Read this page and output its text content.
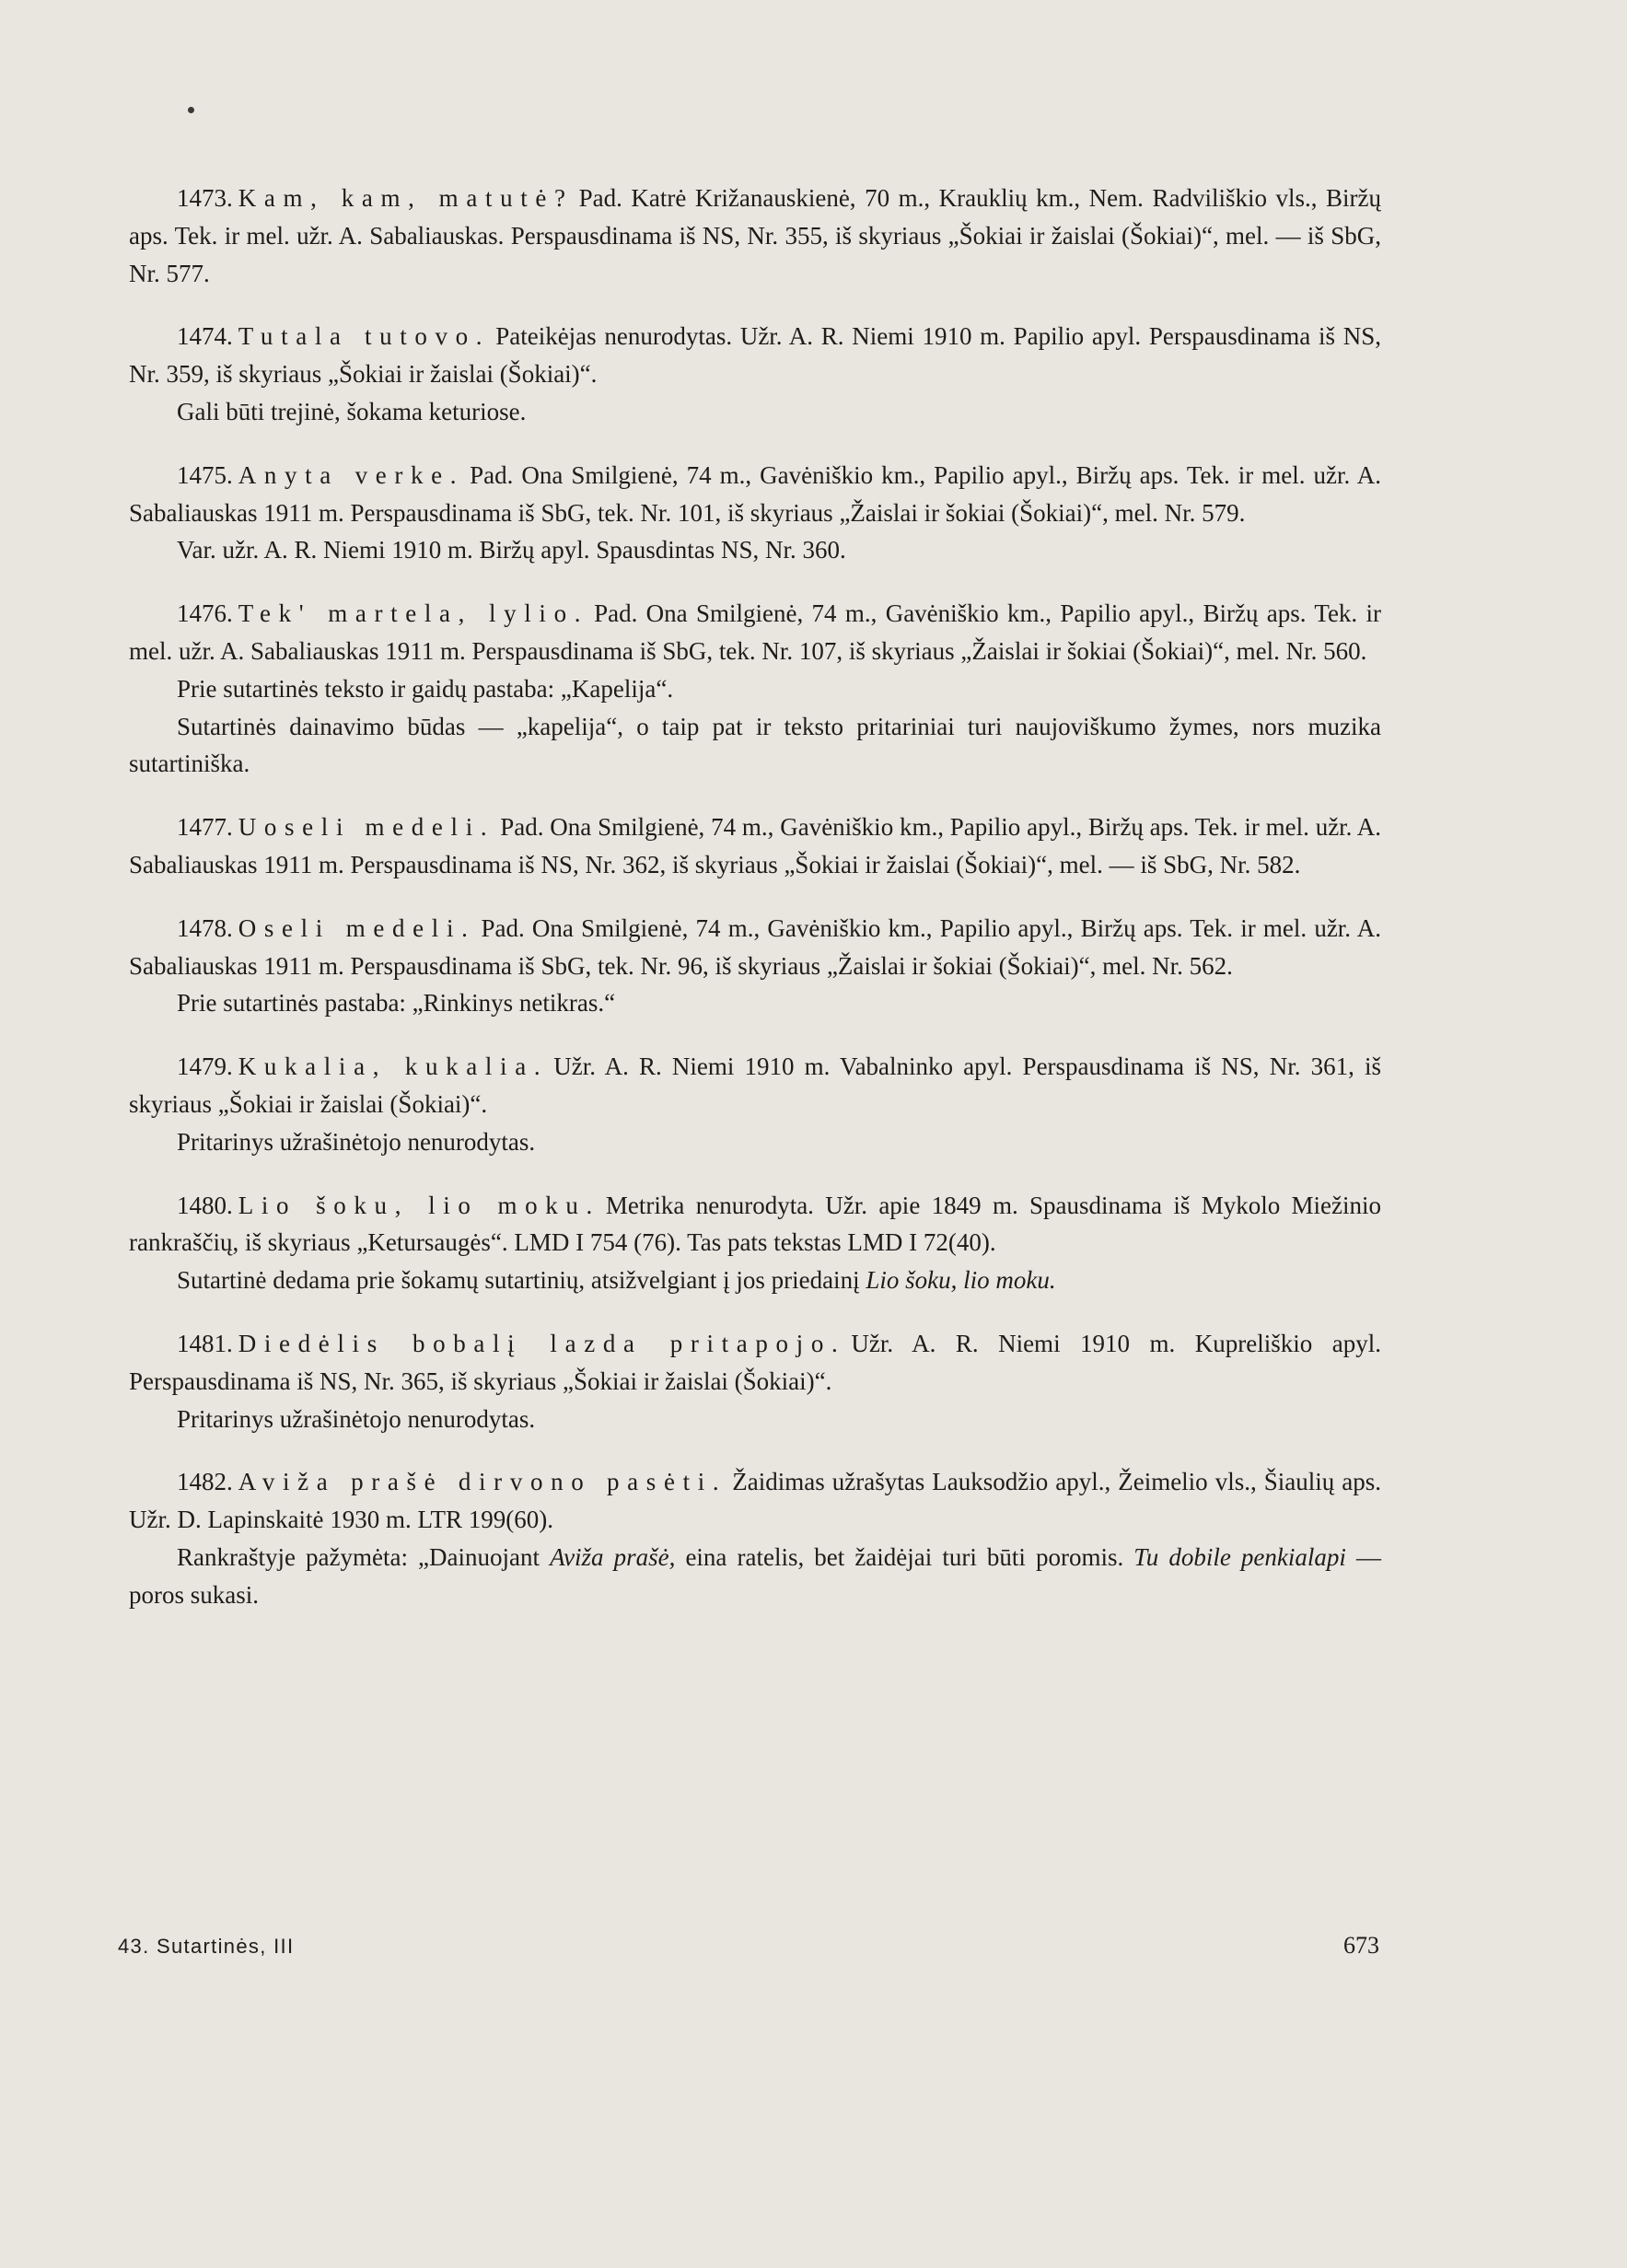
1473. Kam, kam, matutė? Pad. Katrė Križanauskienė, 70 m., Krauklių km., Nem. Radviliškio vls., Biržų aps. Tek. ir mel. užr. A. Sabaliauskas. Perspausdinama iš NS, Nr. 355, iš skyriaus „Šokiai ir žaislai (Šokiai)“, mel. — iš SbG, Nr. 577.

1474. Tutala tutovo. Pateikėjas nenurodytas. Užr. A. R. Niemi 1910 m. Papilio apyl. Perspausdinama iš NS, Nr. 359, iš skyriaus „Šokiai ir žaislai (Šokiai)“.

Gali būti trejinė, šokama keturiose.

1475. Anyta verke. Pad. Ona Smilgienė, 74 m., Gavėniškio km., Papilio apyl., Biržų aps. Tek. ir mel. užr. A. Sabaliauskas 1911 m. Perspausdinama iš SbG, tek. Nr. 101, iš skyriaus „Žaislai ir šokiai (Šokiai)“, mel. Nr. 579.

Var. užr. A. R. Niemi 1910 m. Biržų apyl. Spausdintas NS, Nr. 360.

1476. Tek' martela, lylio. Pad. Ona Smilgienė, 74 m., Gavėniškio km., Papilio apyl., Biržų aps. Tek. ir mel. užr. A. Sabaliauskas 1911 m. Perspausdinama iš SbG, tek. Nr. 107, iš skyriaus „Žaislai ir šokiai (Šokiai)“, mel. Nr. 560.

Prie sutartinės teksto ir gaidų pastaba: „Kapelija“.

Sutartinės dainavimo būdas — „kapelija“, o taip pat ir teksto pritariniai turi naujoviškumo žymes, nors muzika sutartiniška.

1477. Uoseli medeli. Pad. Ona Smilgienė, 74 m., Gavėniškio km., Papilio apyl., Biržų aps. Tek. ir mel. užr. A. Sabaliauskas 1911 m. Perspausdinama iš NS, Nr. 362, iš skyriaus „Šokiai ir žaislai (Šokiai)“, mel. — iš SbG, Nr. 582.

1478. Oseli medeli. Pad. Ona Smilgienė, 74 m., Gavėniškio km., Papilio apyl., Biržų aps. Tek. ir mel. užr. A. Sabaliauskas 1911 m. Perspausdinama iš SbG, tek. Nr. 96, iš skyriaus „Žaislai ir šokiai (Šokiai)“, mel. Nr. 562.

Prie sutartinės pastaba: „Rinkinys netikras.“

1479. Kukalia, kukalia. Užr. A. R. Niemi 1910 m. Vabalninko apyl. Perspausdinama iš NS, Nr. 361, iš skyriaus „Šokiai ir žaislai (Šokiai)“.

Pritarinys užrašinėtojo nenurodytas.

1480. Lio šoku, lio moku. Metrika nenurodyta. Užr. apie 1849 m. Spausdinama iš Mykolo Miežinio rankraščių, iš skyriaus „Ketursaugės“. LMD I 754 (76). Tas pats tekstas LMD I 72(40).

Sutartinė dedama prie šokamų sutartinių, atsižvelgiant į jos priedainį Lio šoku, lio moku.

1481. Diedėlis bobalį lazda pritapojo. Užr. A. R. Niemi 1910 m. Kupreliškio apyl. Perspausdinama iš NS, Nr. 365, iš skyriaus „Šokiai ir žaislai (Šokiai)“.

Pritarinys užrašinėtojo nenurodytas.

1482. Aviža prašė dirvono pasėti. Žaidimas užrašytas Lauksodžio apyl., Žeimelio vls., Šiaulių aps. Užr. D. Lapinskaitė 1930 m. LTR 199(60).

Rankraštyje pažymėta: „Dainuojant Aviža prašė, eina ratelis, bet žaidėjai turi būti poromis. Tu dobile penkialapi — poros sukasi.

43. Sutartinės, III	673
